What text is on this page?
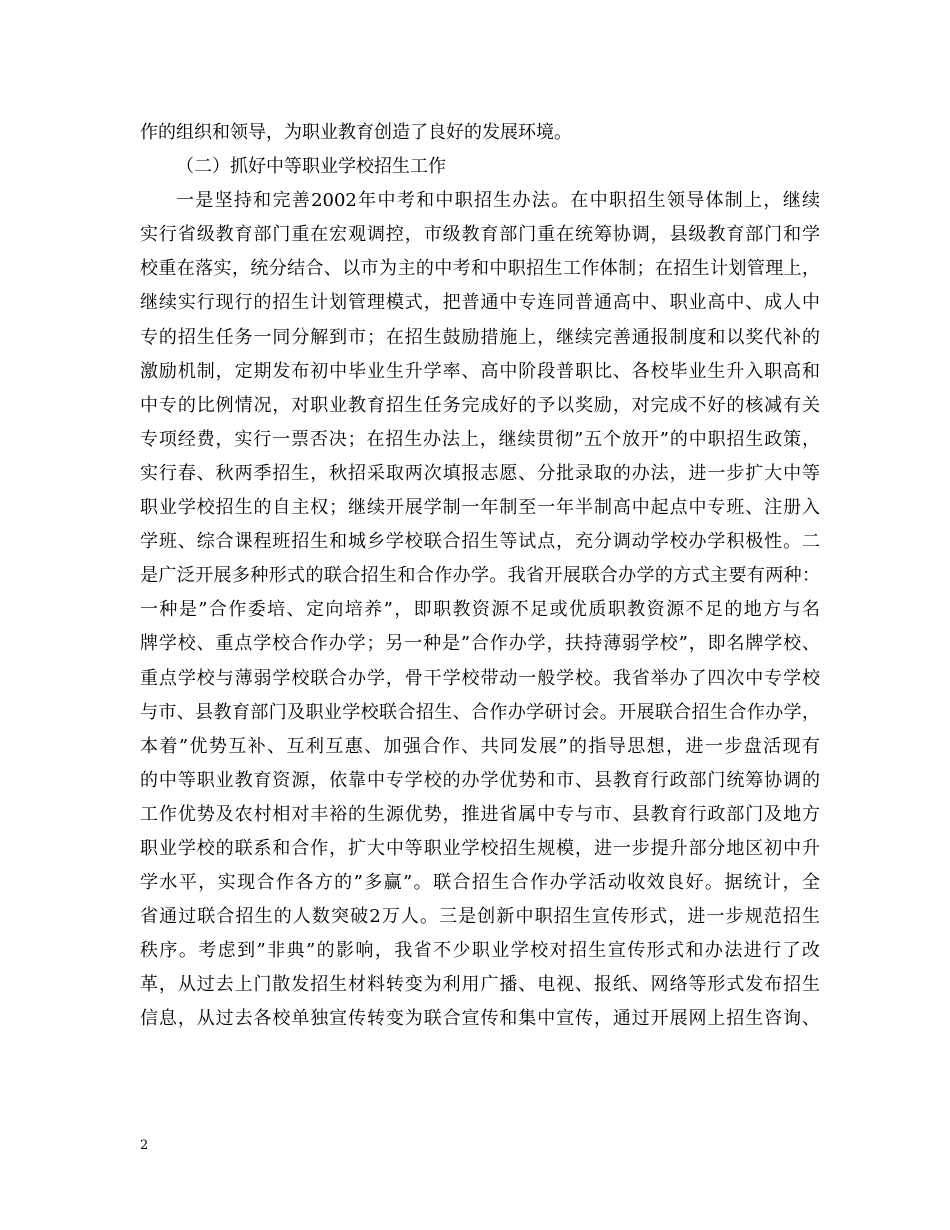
作的组织和领导，为职业教育创造了良好的发展环境。
（二）抓好中等职业学校招生工作
一是坚持和完善2002年中考和中职招生办法。在中职招生领导体制上，继续
实行省级教育部门重在宏观调控，市级教育部门重在统筹协调，县级教育部门和学
校重在落实，统分结合、以市为主的中考和中职招生工作体制；在招生计划管理上，
继续实行现行的招生计划管理模式，把普通中专连同普通高中、职业高中、成人中
专的招生任务一同分解到市；在招生鼓励措施上，继续完善通报制度和以奖代补的
激励机制，定期发布初中毕业生升学率、高中阶段普职比、各校毕业生升入职高和
中专的比例情况，对职业教育招生任务完成好的予以奖励，对完成不好的核减有关
专项经费，实行一票否决；在招生办法上，继续贯彻”五个放开”的中职招生政策，
实行春、秋两季招生，秋招采取两次填报志愿、分批录取的办法，进一步扩大中等
职业学校招生的自主权；继续开展学制一年制至一年半制高中起点中专班、注册入
学班、综合课程班招生和城乡学校联合招生等试点，充分调动学校办学积极性。二
是广泛开展多种形式的联合招生和合作办学。我省开展联合办学的方式主要有两种：
一种是”合作委培、定向培养”，即职教资源不足或优质职教资源不足的地方与名
牌学校、重点学校合作办学；另一种是”合作办学，扶持薄弱学校”，即名牌学校、
重点学校与薄弱学校联合办学，骨干学校带动一般学校。我省举办了四次中专学校
与市、县教育部门及职业学校联合招生、合作办学研讨会。开展联合招生合作办学，
本着”优势互补、互利互惠、加强合作、共同发展”的指导思想，进一步盘活现有
的中等职业教育资源，依靠中专学校的办学优势和市、县教育行政部门统筹协调的
工作优势及农村相对丰裕的生源优势，推进省属中专与市、县教育行政部门及地方
职业学校的联系和合作，扩大中等职业学校招生规模，进一步提升部分地区初中升
学水平，实现合作各方的”多赢”。联合招生合作办学活动收效良好。据统计，全
省通过联合招生的人数突破2万人。三是创新中职招生宣传形式，进一步规范招生
秩序。考虑到”非典”的影响，我省不少职业学校对招生宣传形式和办法进行了改
革，从过去上门散发招生材料转变为利用广播、电视、报纸、网络等形式发布招生
信息，从过去各校单独宣传转变为联合宣传和集中宣传，通过开展网上招生咨询、
2
